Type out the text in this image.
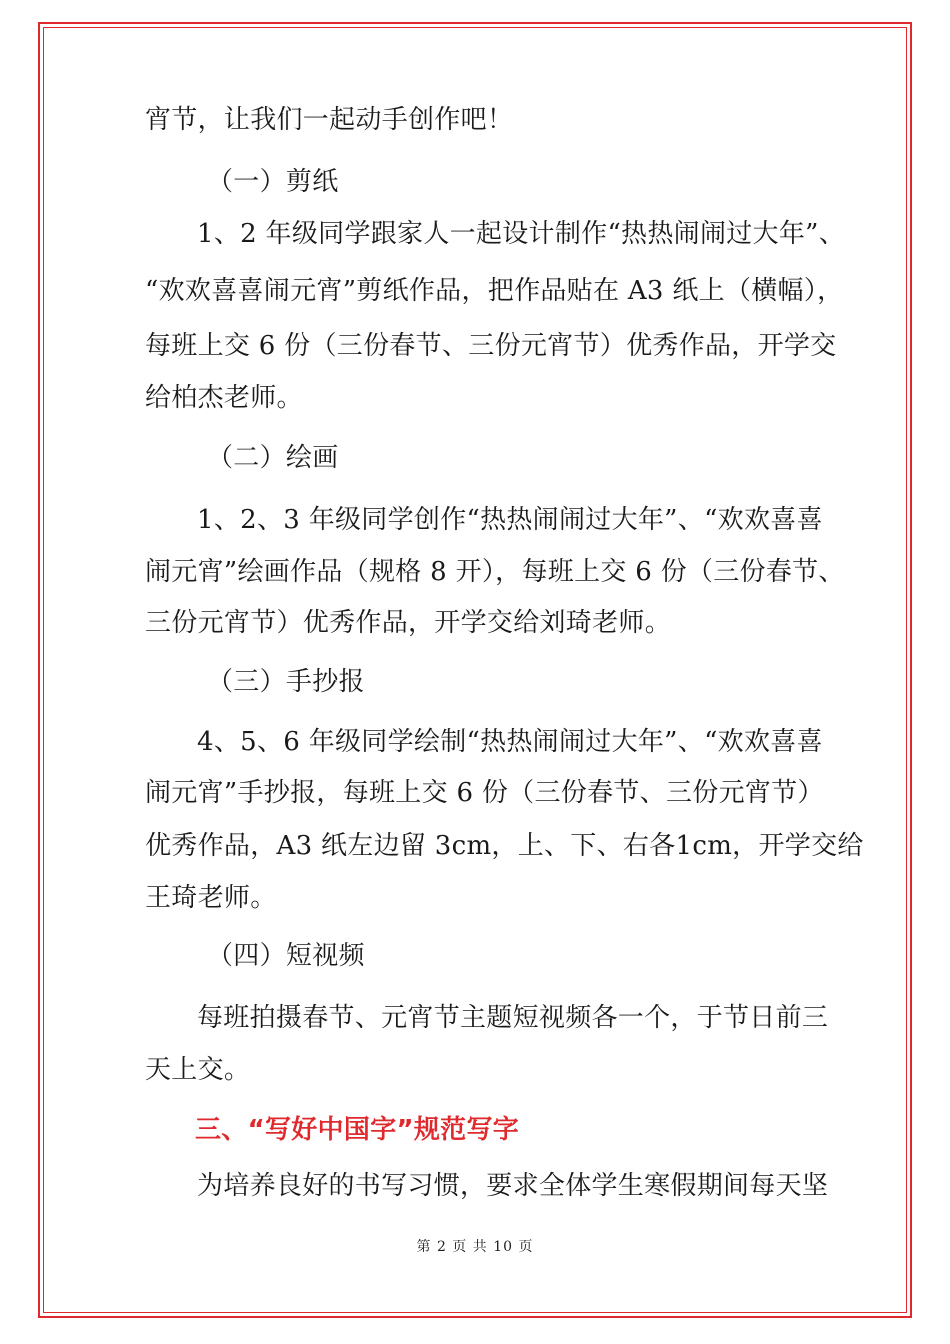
宵节，让我们一起动手创作吧！
（一）剪纸
1、2 年级同学跟家人一起设计制作“热热闹闹过大年”、
“欢欢喜喜闹元宵”剪纸作品，把作品贴在 A3 纸上（横幅），
每班上交 6 份（三份春节、三份元宵节）优秀作品，开学交
给柏杰老师。
（二）绘画
1、2、3 年级同学创作“热热闹闹过大年”、“欢欢喜喜
闹元宵”绘画作品（规格 8 开），每班上交 6 份（三份春节、
三份元宵节）优秀作品，开学交给刘琦老师。
（三）手抄报
4、5、6 年级同学绘制“热热闹闹过大年”、“欢欢喜喜
闹元宵”手抄报，每班上交 6 份（三份春节、三份元宵节）
优秀作品，A3 纸左边留 3cm，上、下、右各1cm，开学交给
王琦老师。
（四）短视频
每班拍摄春节、元宵节主题短视频各一个，于节日前三
天上交。
三、“写好中国字”规范写字
为培养良好的书写习惯，要求全体学生寒假期间每天坚
第 2 页 共 10 页
